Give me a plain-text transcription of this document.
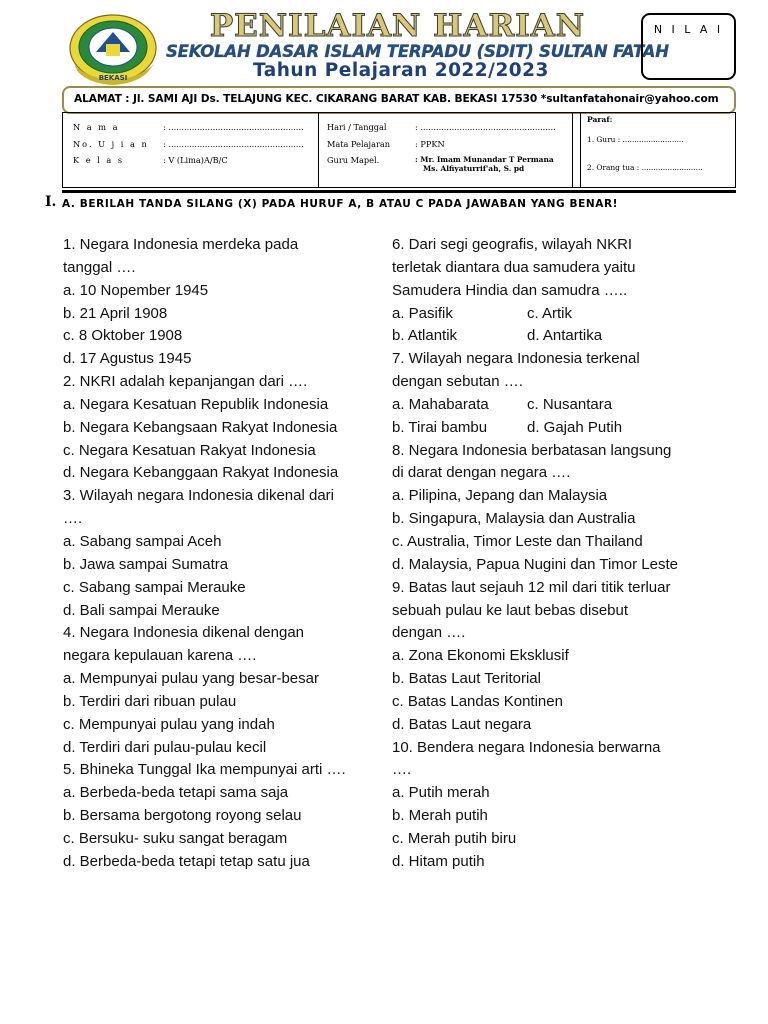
BEKASI
PENILAIAN HARIAN
SEKOLAH DASAR ISLAM TERPADU (SDIT) SULTAN FATAH
Tahun Pelajaran 2022/2023
N I L A I
ALAMAT : Jl. SAMI AJI Ds. TELAJUNG KEC. CIKARANG BARAT KAB. BEKASI 17530 *sultanfatahonair@yahoo.com
N a m a	: ....................................................
No. U j i a n : ....................................................
K e l a s	: V (Lima)A/B/C
Hari / Tanggal	: ....................................................
Mata Pelajaran	: PPKN
Guru Mapel.	: Mr. Imam Munandar T Permana
Ms. Alfiyaturrif'ah, S. pd
Paraf:
1. Guru : ..........................
2. Orang tua : ..........................
I. A. BERILAH TANDA SILANG (X) PADA HURUF A, B ATAU C PADA JAWABAN YANG BENAR!
1. Negara Indonesia merdeka pada
tanggal ….
a. 10 Nopember 1945
b. 21 April 1908
c. 8 Oktober 1908
d. 17 Agustus 1945
2. NKRI adalah kepanjangan dari ….
a. Negara Kesatuan Republik Indonesia
b. Negara Kebangsaan Rakyat Indonesia
c. Negara Kesatuan Rakyat Indonesia
d. Negara Kebanggaan Rakyat Indonesia
3. Wilayah negara Indonesia dikenal dari
….
a. Sabang sampai Aceh
b. Jawa sampai Sumatra
c. Sabang sampai Merauke
d. Bali sampai Merauke
4. Negara Indonesia dikenal dengan
negara kepulauan karena ….
a. Mempunyai pulau yang besar-besar
b. Terdiri dari ribuan pulau
c. Mempunyai pulau yang indah
d. Terdiri dari pulau-pulau kecil
5. Bhineka Tunggal Ika mempunyai arti ….
a. Berbeda-beda tetapi sama saja
b. Bersama bergotong royong selau
c. Bersuku- suku sangat beragam
d. Berbeda-beda tetapi tetap satu jua
6. Dari segi geografis, wilayah NKRI
terletak diantara dua samudera yaitu
Samudera Hindia dan samudra …..
a. Pasifik	c. Artik
b. Atlantik	d. Antartika
7. Wilayah negara Indonesia terkenal
dengan sebutan ….
a. Mahabarata	c. Nusantara
b. Tirai bambu	d. Gajah Putih
8. Negara Indonesia berbatasan langsung
di darat dengan negara ….
a. Pilipina, Jepang dan Malaysia
b. Singapura, Malaysia dan Australia
c. Australia, Timor Leste dan Thailand
d. Malaysia, Papua Nugini dan Timor Leste
9. Batas laut sejauh 12 mil dari titik terluar
sebuah pulau ke laut bebas disebut
dengan ….
a. Zona Ekonomi Eksklusif
b. Batas Laut Teritorial
c. Batas Landas Kontinen
d. Batas Laut negara
10. Bendera negara Indonesia berwarna
….
a. Putih merah
b. Merah putih
c. Merah putih biru
d. Hitam putih
